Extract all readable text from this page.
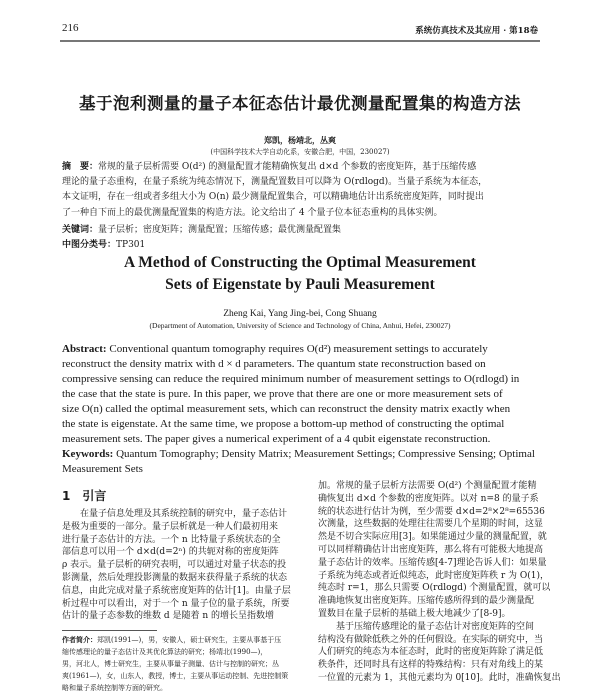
216	系统仿真技术及其应用 · 第18卷
基于泡利测量的量子本征态估计最优测量配置集的构造方法
郑凯，杨靖北，丛爽
(中国科学技术大学自动化系，安徽合肥，中国，230027)
摘　要：常规的量子层析需要 O(d²) 的测量配置才能精确恢复出 d×d 个参数的密度矩阵，基于压缩传感
理论的量子态重构，在量子系统为纯态情况下，测量配置数目可以降为 O(rdlogd)。当量子系统为本征态，
本文证明，存在一组或者多组大小为 O(n) 最少测量配置集合，可以精确地估计出系统密度矩阵，同时提出
了一种自下而上的最优测量配置集的构造方法。论文给出了 4 个量子位本征态重构的具体实例。
关键词：量子层析；密度矩阵；测量配置；压缩传感；最优测量配置集
中图分类号：TP301
A Method of Constructing the Optimal Measurement
Sets of Eigenstate by Pauli Measurement
Zheng Kai, Yang Jing-bei, Cong Shuang
(Department of Automation, University of Science and Technology of China, Anhui, Hefei, 230027)
Abstract: Conventional quantum tomography requires O(d²) measurement settings to accurately
reconstruct the density matrix with d × d parameters. The quantum state reconstruction based on
compressive sensing can reduce the required minimum number of measurement settings to O(rdlogd) in
the case that the state is pure. In this paper, we prove that there are one or more measurement sets of
size O(n) called the optimal measurement sets, which can reconstruct the density matrix exactly when
the state is eigenstate. At the same time, we propose a bottom-up method of constructing the optimal
measurement sets. The paper gives a numerical experiment of a 4 qubit eigenstate reconstruction.
Keywords: Quantum Tomography; Density Matrix; Measurement Settings; Compressive Sensing; Optimal
Measurement Sets
1　引言
在量子信息处理及其系统控制的研究中，量子态估计
是极为重要的一部分。量子层析就是一种人们最初用来
进行量子态估计的方法。一个 n 比特量子系统状态的全
部信息可以用一个 d×d(d=2ⁿ) 的共轭对称的密度矩阵
ρ 表示。量子层析的研究表明，可以通过对量子状态的投
影测量，然后处理投影测量的数据来获得量子系统的状态
信息，由此完成对量子系统密度矩阵的估计[1]。由量子层
析过程中可以看出，对于一个 n 量子位的量子系统，所要
估计的量子态参数的维数 d 是随着 n 的增长呈指数增
加。常规的量子层析方法需要 O(d²) 个测量配置才能精
确恢复出 d×d 个参数的密度矩阵。以对 n=8 的量子系
统的状态进行估计为例，至少需要 d×d=2⁸×2⁸=65536
次测量，这些数据的处理往往需要几个星期的时间，这显
然是不切合实际应用[3]。如果能通过少量的测量配置，就
可以同样精确估计出密度矩阵，那么将有可能极大地提高
量子态估计的效率。压缩传感[4-7]理论告诉人们：如果量
子系统为纯态或者近似纯态，此时密度矩阵秩 r 为 O(1)，
纯态时 r=1，那么只需要 O(rdlogd) 个测量配置，就可以
准确地恢复出密度矩阵。压缩传感所得到的最少测量配
置数目在量子层析的基础上极大地减少了[8-9]。
基于压缩传感理论的量子态估计对密度矩阵的空间
结构没有做除低秩之外的任何假设。在实际的研究中，当
人们研究的纯态为本征态时，此时的密度矩阵除了满足低
秩条件，还同时具有这样的特殊结构：只有对角线上的某
一位置的元素为 1，其他元素均为 0[10]。此时，准确恢复出
作者简介：郑凯(1991—)，男，安徽人，硕士研究生，主要从事基于压
缩传感理论的量子态估计及其优化算法的研究；杨靖北(1990—)，
男，河北人，博士研究生，主要从事量子测量、估计与控制的研究；丛
爽(1961—)，女，山东人，教授，博士，主要从事运动控制、先进控制策
略和量子系统控制等方面的研究。
